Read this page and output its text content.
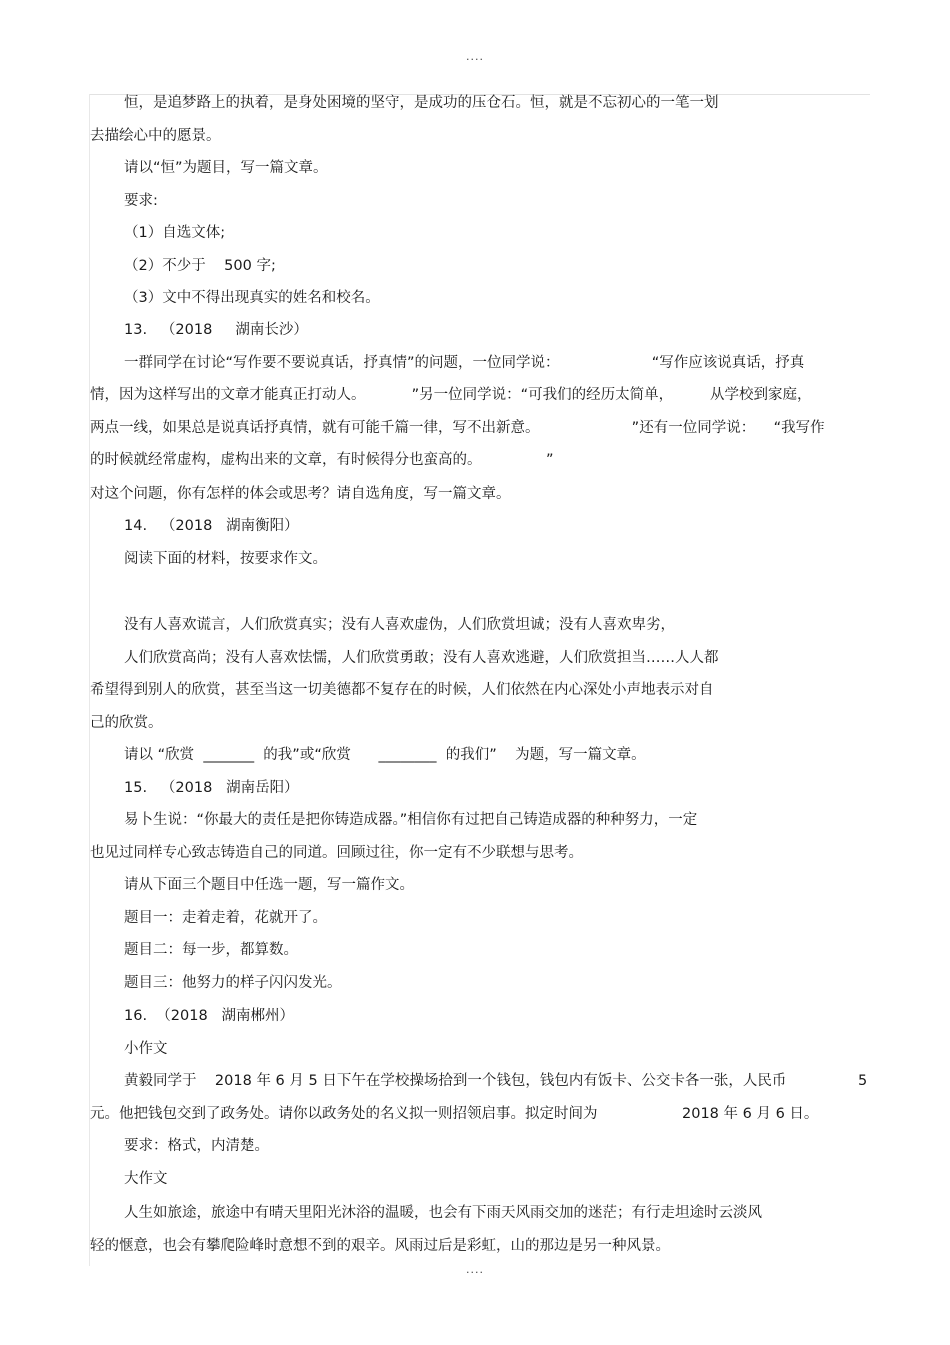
....
恒，是追梦路上的执着，是身处困境的坚守，是成功的压仓石。恒，就是不忘初心的一笔一划
去描绘心中的愿景。
请以“恒”为题目，写一篇文章。
要求:
（1）自选文体;
（2）不少于    500 字;
（3）文中不得出现真实的姓名和校名。
13.   （2018     湖南长沙）
一群同学在讨论“写作要不要说真话，抒真情”的问题，一位同学说：                    “写作应该说真话，抒真
情，因为这样写出的文章才能真正打动人。          ”另一位同学说：“可我们的经历太简单，        从学校到家庭，
两点一线，如果总是说真话抒真情，就有可能千篇一律，写不出新意。                    ”还有一位同学说：    “我写作
的时候就经常虚构，虚构出来的文章，有时候得分也蛮高的。              ”
对这个问题，你有怎样的体会或思考？请自选角度，写一篇文章。
14.   （2018   湖南衡阳）
阅读下面的材料，按要求作文。
没有人喜欢谎言，人们欣赏真实；没有人喜欢虚伪，人们欣赏坦诚；没有人喜欢卑劣，
人们欣赏高尚；没有人喜欢怯懦，人们欣赏勇敢；没有人喜欢逃避，人们欣赏担当……人人都
希望得到别人的欣赏，甚至当这一切美德都不复存在的时候，人们依然在内心深处小声地表示对自
己的欣赏。
请以 “欣赏  _______  的我”或“欣赏      ________  的我们”    为题，写一篇文章。
15.   （2018   湖南岳阳）
易卜生说：“你最大的责任是把你铸造成器。”相信你有过把自己铸造成器的种种努力，一定
也见过同样专心致志铸造自己的同道。回顾过往，你一定有不少联想与思考。
请从下面三个题目中任选一题，写一篇作文。
题目一：走着走着，花就开了。
题目二：每一步，都算数。
题目三：他努力的样子闪闪发光。
16.  （2018   湖南郴州）
小作文
黄毅同学于    2018 年 6 月 5 日下午在学校操场拾到一个钱包，钱包内有饭卡、公交卡各一张，人民币	5
元。他把钱包交到了政务处。请你以政务处的名义拟一则招领启事。拟定时间为	2018 年 6 月 6 日。
要求：格式，内清楚。
大作文
人生如旅途，旅途中有晴天里阳光沐浴的温暖，也会有下雨天风雨交加的迷茫；有行走坦途时云淡风
轻的惬意，也会有攀爬险峰时意想不到的艰辛。风雨过后是彩虹，山的那边是另一种风景。
....
